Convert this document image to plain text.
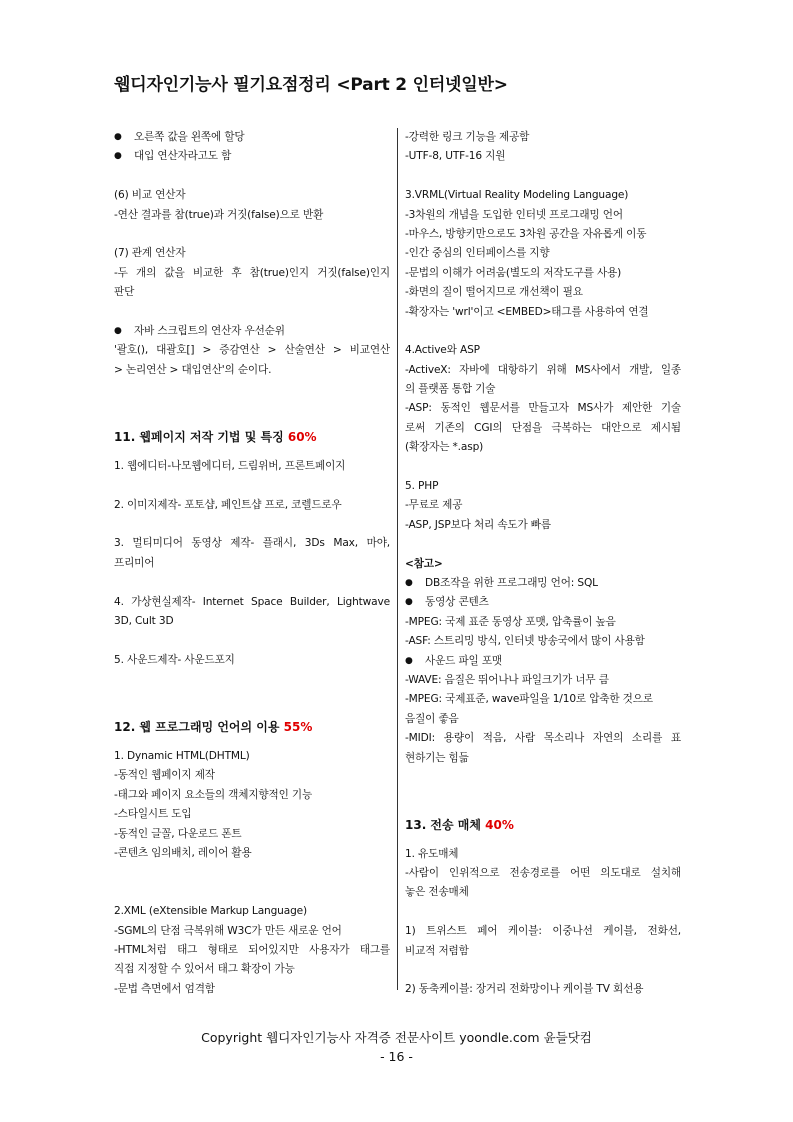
웹디자인기능사 필기요점정리 <Part 2 인터넷일반>
● 오른쪽 값을 왼쪽에 할당
● 대입 연산자라고도 함
(6) 비교 연산자
-연산 결과를 참(true)과 거짓(false)으로 반환
(7) 관계 연산자
-두 개의 값을 비교한 후 참(true)인지 거짓(false)인지
판단
● 자바 스크립트의 연산자 우선순위
'괄호(), 대괄호[] > 증감연산 > 산술연산 > 비교연산
> 논리연산 > 대입연산'의 순이다.
11. 웹페이지 저작 기법 및 특징 60%
1. 웹에디터-나모웹에디터, 드림위버, 프론트페이지
2. 이미지제작- 포토샵, 페인트샵 프로, 코렐드로우
3. 멀티미디어 동영상 제작- 플래시, 3Ds Max, 마야,
프리미어
4. 가상현실제작- Internet Space Builder, Lightwave
3D, Cult 3D
5. 사운드제작- 사운드포지
12. 웹 프로그래밍 언어의 이용 55%
1. Dynamic HTML(DHTML)
-동적인 웹페이지 제작
-태그와 페이지 요소들의 객체지향적인 기능
-스타일시트 도입
-동적인 글꼴, 다운로드 폰트
-콘텐츠 임의배치, 레이어 활용
2.XML (eXtensible Markup Language)
-SGML의 단점 극복위해 W3C가 만든 새로운 언어
-HTML처럼 태그 형태로 되어있지만 사용자가 태그를
직접 지정할 수 있어서 태그 확장이 가능
-문법 측면에서 엄격함
-강력한 링크 기능을 제공함
-UTF-8, UTF-16 지원
3.VRML(Virtual Reality Modeling Language)
-3차원의 개념을 도입한 인터넷 프로그래밍 언어
-마우스, 방향키만으로도 3차원 공간을 자유롭게 이동
-인간 중심의 인터페이스를 지향
-문법의 이해가 어려움(별도의 저작도구를 사용)
-화면의 질이 떨어지므로 개선책이 필요
-확장자는 'wrl'이고 <EMBED>태그를 사용하여 연결
4.Active와 ASP
-ActiveX: 자바에 대항하기 위해 MS사에서 개발, 일종
의 플랫폼 통합 기술
-ASP: 동적인 웹문서를 만들고자 MS사가 제안한 기술
로써 기존의 CGI의 단점을 극복하는 대안으로 제시됨
(확장자는 *.asp)
5. PHP
-무료로 제공
-ASP, JSP보다 처리 속도가 빠름
<참고>
● DB조작을 위한 프로그래밍 언어: SQL
● 동영상 콘텐츠
-MPEG: 국제 표준 동영상 포맷, 압축률이 높음
-ASF: 스트리밍 방식, 인터넷 방송국에서 많이 사용함
● 사운드 파일 포맷
-WAVE: 음질은 뛰어나나 파일크기가 너무 큼
-MPEG: 국제표준, wave파일을 1/10로 압축한 것으로
음질이 좋음
-MIDI: 용량이 적음, 사람 목소리나 자연의 소리를 표
현하기는 힘듦
13. 전송 매체 40%
1. 유도매체
-사람이 인위적으로 전송경로를 어떤 의도대로 설치해
놓은 전송매체
1) 트위스트 페어 케이블: 이중나선 케이블, 전화선,
비교적 저렴함
2) 동축케이블: 장거리 전화망이나 케이블 TV 회선용
Copyright 웹디자인기능사 자격증 전문사이트 yoondle.com 윤들닷컴
- 16 -
